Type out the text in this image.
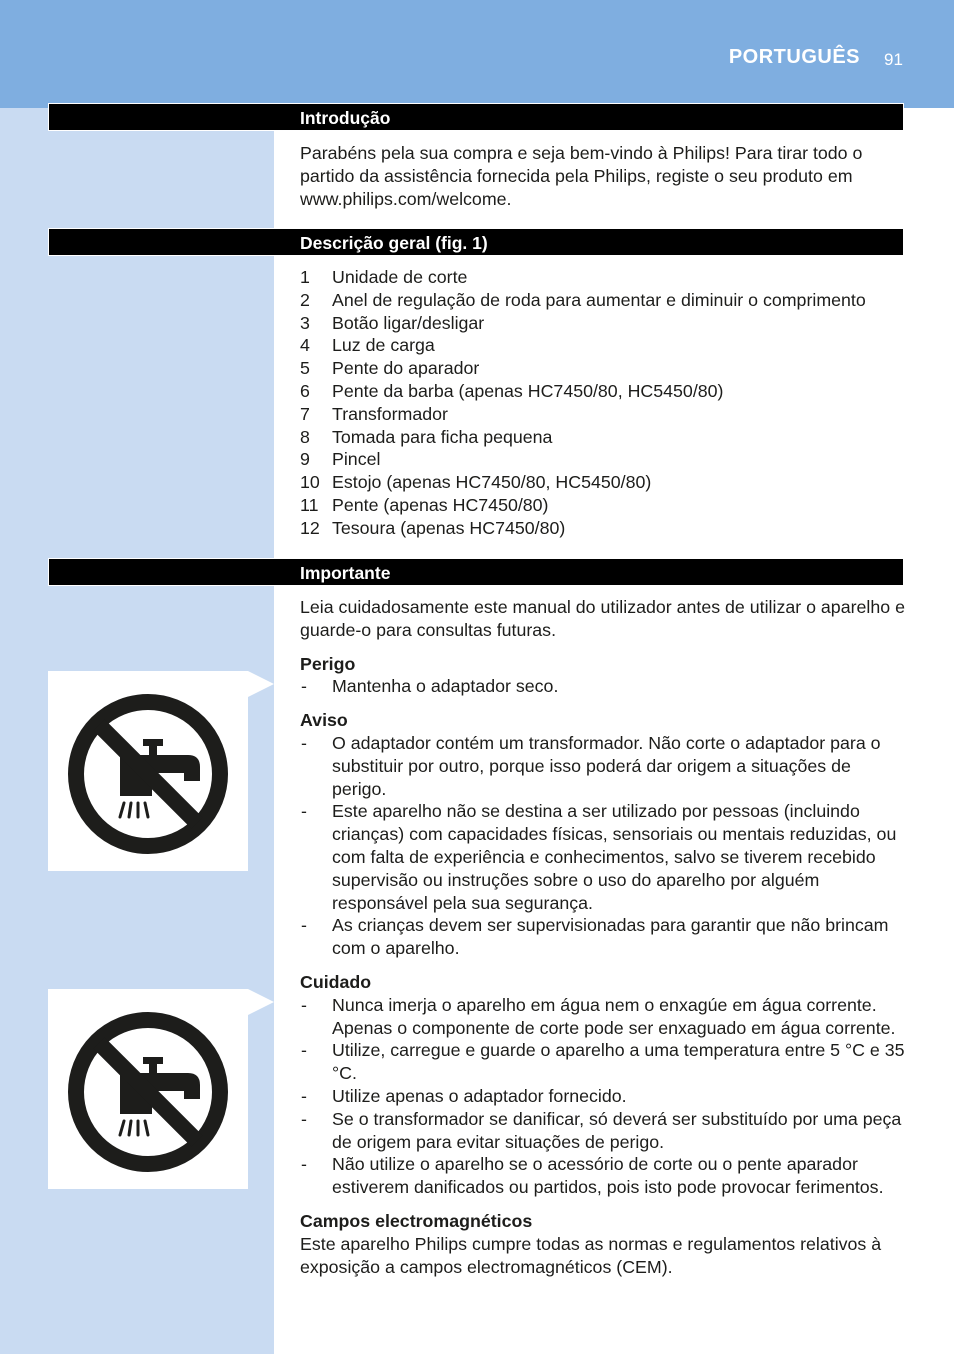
PORTUGUÊS 91
Introdução

Parabéns pela sua compra e seja bem-vindo à Philips! Para tirar todo o partido da assistência fornecida pela Philips, registe o seu produto em www.philips.com/welcome.

Descrição geral (fig. 1)
1 Unidade de corte
2 Anel de regulação de roda para aumentar e diminuir o comprimento
3 Botão ligar/desligar
4 Luz de carga
5 Pente do aparador
6 Pente da barba (apenas HC7450/80, HC5450/80)
7 Transformador
8 Tomada para ficha pequena
9 Pincel
10 Estojo (apenas HC7450/80, HC5450/80)
11 Pente (apenas HC7450/80)
12 Tesoura (apenas HC7450/80)
Importante

Leia cuidadosamente este manual do utilizador antes de utilizar o aparelho e guarde-o para consultas futuras.

Perigo

- Mantenha o adaptador seco.

Aviso

- O adaptador contém um transformador. Não corte o adaptador para o substituir por outro, porque isso poderá dar origem a situações de perigo.
- Este aparelho não se destina a ser utilizado por pessoas (incluindo crianças) com capacidades físicas, sensoriais ou mentais reduzidas, ou com falta de experiência e conhecimentos, salvo se tiverem recebido supervisão ou instruções sobre o uso do aparelho por alguém responsável pela sua segurança.
- As crianças devem ser supervisionadas para garantir que não brincam com o aparelho.

Cuidado

- Nunca imerja o aparelho em água nem o enxagúe em água corrente. Apenas o componente de corte pode ser enxaguado em água corrente.
- Utilize, carregue e guarde o aparelho a uma temperatura entre 5 °C e 35 °C.
- Utilize apenas o adaptador fornecido.
- Se o transformador se danificar, só deverá ser substituído por uma peça de origem para evitar situações de perigo.
- Não utilize o aparelho se o acessório de corte ou o pente aparador estiverem danificados ou partidos, pois isto pode provocar ferimentos.

Campos electromagnéticos

Este aparelho Philips cumpre todas as normas e regulamentos relativos à exposição a campos electromagnéticos (CEM).
